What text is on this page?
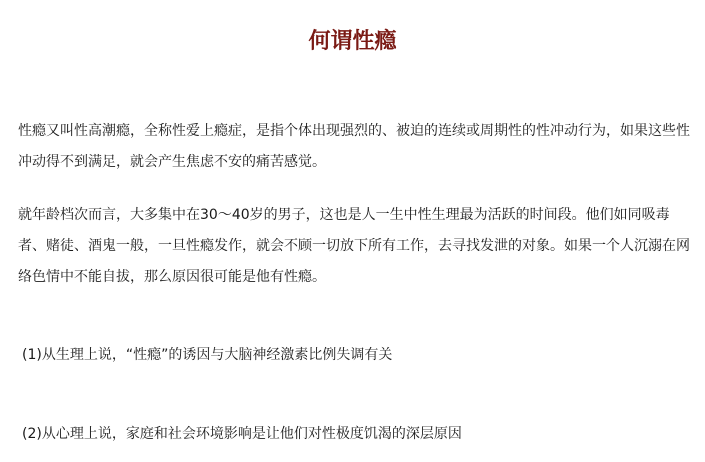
何谓性瘾

性瘾又叫性高潮瘾，全称性爱上瘾症，是指个体出现强烈的、被迫的连续或周期性的性冲动行为，如果这些性冲动得不到满足，就会产生焦虑不安的痛苦感觉。

就年龄档次而言，大多集中在30～40岁的男子，这也是人一生中性生理最为活跃的时间段。他们如同吸毒者、赌徒、酒鬼一般，一旦性瘾发作，就会不顾一切放下所有工作，去寻找发泄的对象。如果一个人沉溺在网络色情中不能自拔，那么原因很可能是他有性瘾。

(1)从生理上说，“性瘾”的诱因与大脑神经激素比例失调有关

(2)从心理上说，家庭和社会环境影响是让他们对性极度饥渴的深层原因
